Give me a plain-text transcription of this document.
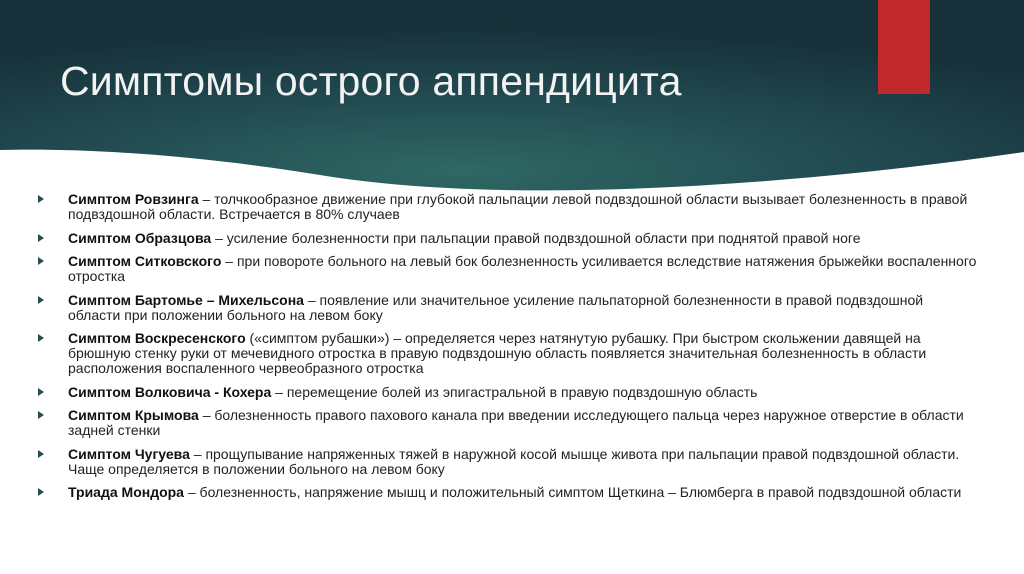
Симптомы острого аппендицита
Симптом Ровзинга – толчкообразное движение при глубокой пальпации левой подвздошной области вызывает болезненность в правой подвздошной области. Встречается в 80% случаев
Симптом Образцова – усиление болезненности при пальпации правой подвздошной области при поднятой правой ноге
Симптом Ситковского – при повороте больного на левый бок болезненность усиливается вследствие натяжения брыжейки воспаленного отростка
Симптом Бартомье – Михельсона – появление или значительное усиление пальпаторной болезненности в правой подвздошной области при положении больного на левом боку
Симптом Воскресенского («симптом рубашки») – определяется через натянутую рубашку. При быстром скольжении давящей на брюшную стенку руки от мечевидного отростка в правую подвздошную область появляется значительная болезненность в области расположения воспаленного червеобразного отростка
Симптом Волковича - Кохера – перемещение болей из эпигастральной в правую подвздошную область
Симптом Крымова – болезненность правого пахового канала при введении исследующего пальца через наружное отверстие в области задней стенки
Симптом Чугуева – прощупывание напряженных тяжей в наружной косой мышце живота при пальпации правой подвздошной области. Чаще определяется в положении больного на левом боку
Триада Мондора – болезненность, напряжение мышц и положительный симптом Щеткина – Блюмберга в правой подвздошной области
